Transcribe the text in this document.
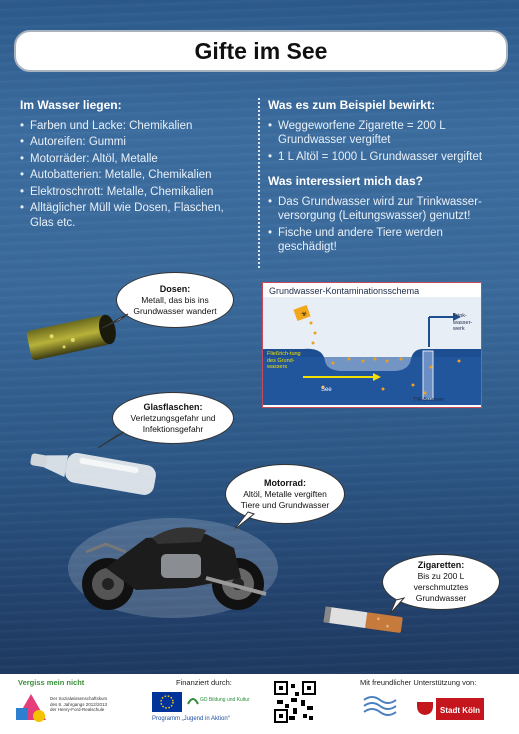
Gifte im See
Im Wasser liegen:
• Farben und Lacke: Chemikalien
• Autoreifen: Gummi
• Motorräder: Altöl, Metalle
• Autobatterien: Metalle, Chemikalien
• Elektroschrott: Metalle, Chemikalien
• Alltäglicher Müll wie Dosen, Flaschen, Glas etc.
Was es zum Beispiel bewirkt:
• Weggeworfene Zigarette = 200 L Grundwasser vergiftet
• 1 L Altöl = 1000 L Grundwasser vergiftet
Was interessiert mich das?
• Das Grundwasser wird zur Trinkwasser-versorgung (Leitungswasser) genutzt!
• Fische und andere Tiere werden geschädigt!
Dosen:
Metall, das bis ins Grundwasser wandert
Glasflaschen:
Verletzungsgefahr und Infektionsgefahr
Motorrad:
Altöl, Metalle vergiften Tiere und Grundwasser
Zigaretten:
Bis zu 200 L verschmutztes Grundwasser
Grundwasser-Kontaminationsschema
☣
Fließrich-tung des Grund-wassers
See
Trink-wasser-werk
TW-Brunnen
Vergiss mein nicht
Der Sozialwissenschaftskurs des 8. Jahrgangs 2012/2013 der Henry-Ford-Realschule
Finanziert durch:
GD Bildung und Kultur
Programm „Jugend in Aktion“
Mit freundlicher Unterstützung von:
Stadt Köln
